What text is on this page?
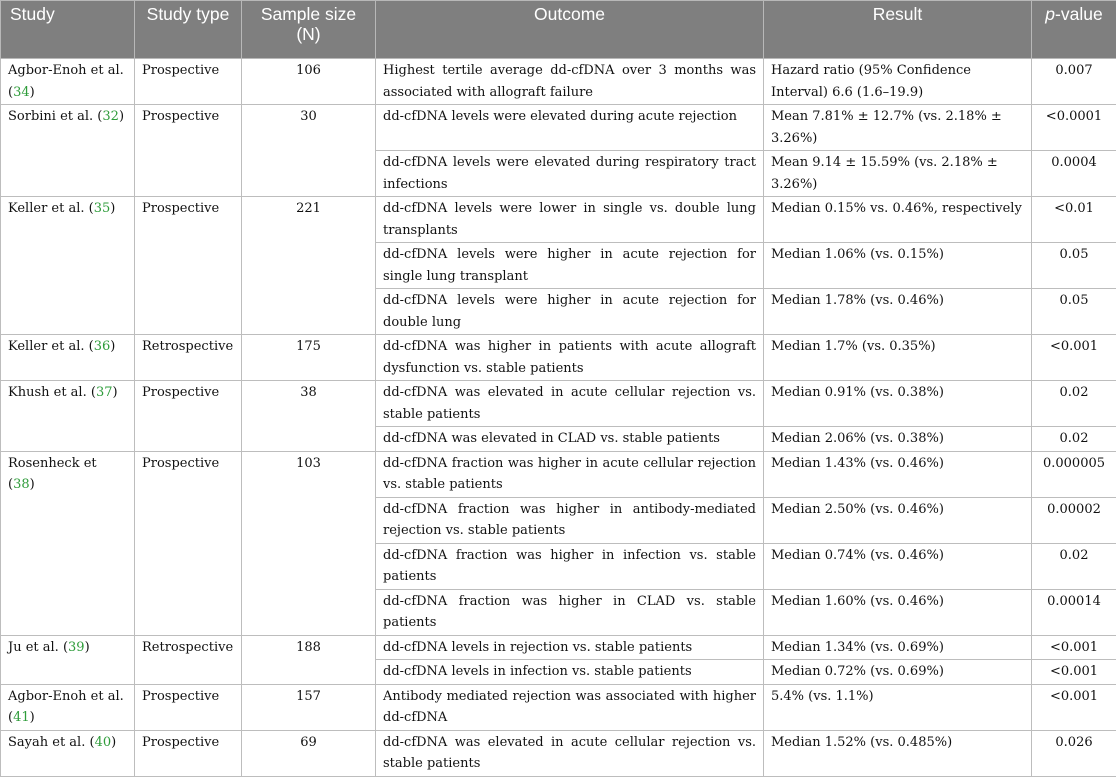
Study	Study type	Sample size (N)	Outcome	Result	p-value
Agbor-Enoh et al. (34)	Prospective	106	Highest tertile average dd-cfDNA over 3 months was associated with allograft failure	Hazard ratio (95% Confidence Interval) 6.6 (1.6–19.9)	0.007
Sorbini et al. (32)	Prospective	30	dd-cfDNA levels were elevated during acute rejection	Mean 7.81% ± 12.7% (vs. 2.18% ± 3.26%)	<0.0001
			dd-cfDNA levels were elevated during respiratory tract infections	Mean 9.14 ± 15.59% (vs. 2.18% ± 3.26%)	0.0004
Keller et al. (35)	Prospective	221	dd-cfDNA levels were lower in single vs. double lung transplants	Median 0.15% vs. 0.46%, respectively	<0.01
			dd-cfDNA levels were higher in acute rejection for single lung transplant	Median 1.06% (vs. 0.15%)	0.05
			dd-cfDNA levels were higher in acute rejection for double lung	Median 1.78% (vs. 0.46%)	0.05
Keller et al. (36)	Retrospective	175	dd-cfDNA was higher in patients with acute allograft dysfunction vs. stable patients	Median 1.7% (vs. 0.35%)	<0.001
Khush et al. (37)	Prospective	38	dd-cfDNA was elevated in acute cellular rejection vs. stable patients	Median 0.91% (vs. 0.38%)	0.02
			dd-cfDNA was elevated in CLAD vs. stable patients	Median 2.06% (vs. 0.38%)	0.02
Rosenheck et (38)	Prospective	103	dd-cfDNA fraction was higher in acute cellular rejection vs. stable patients	Median 1.43% (vs. 0.46%)	0.000005
			dd-cfDNA fraction was higher in antibody-mediated rejection vs. stable patients	Median 2.50% (vs. 0.46%)	0.00002
			dd-cfDNA fraction was higher in infection vs. stable patients	Median 0.74% (vs. 0.46%)	0.02
			dd-cfDNA fraction was higher in CLAD vs. stable patients	Median 1.60% (vs. 0.46%)	0.00014
Ju et al. (39)	Retrospective	188	dd-cfDNA levels in rejection vs. stable patients	Median 1.34% (vs. 0.69%)	<0.001
			dd-cfDNA levels in infection vs. stable patients	Median 0.72% (vs. 0.69%)	<0.001
Agbor-Enoh et al. (41)	Prospective	157	Antibody mediated rejection was associated with higher dd-cfDNA	5.4% (vs. 1.1%)	<0.001
Sayah et al. (40)	Prospective	69	dd-cfDNA was elevated in acute cellular rejection vs. stable patients	Median 1.52% (vs. 0.485%)	0.026
